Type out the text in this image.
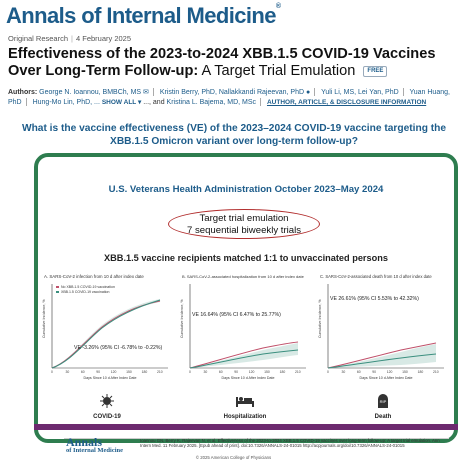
Annals of Internal Medicine®
Original Research | 4 February 2025
Effectiveness of the 2023-to-2024 XBB.1.5 COVID-19 Vaccines Over Long-Term Follow-up: A Target Trial Emulation FREE
Authors: George N. Ioannou, BMBCh, MS ✉ Kristin Berry, PhD, Nallakkandi Rajeevan, PhD ● Yuli Li, MS, Lei Yan, PhD Yuan Huang, PhD Hung-Mo Lin, PhD, ... SHOW ALL ▾ ..., and Kristina L. Bajema, MD, MSc AUTHOR, ARTICLE, & DISCLOSURE INFORMATION
What is the vaccine effectiveness (VE) of the 2023–2024 COVID-19 vaccine targeting the XBB.1.5 Omicron variant over long-term follow-up?
U.S. Veterans Health Administration October 2023–May 2024
Target trial emulation
7 sequential biweekly trials
XBB.1.5 vaccine recipients matched 1:1 to unvaccinated persons
A. SARS-CoV-2 infection from 10 d after index date
Cumulative Incidence, %
No XBB.1.5 COVID-19 vaccination
XBB.1.5 COVID-19 vaccination
VE -3.26% (95% CI -6.78% to -0.22%)
0	30	60	90	120	150	180	210
Days Since 10 d After Index Date
COVID-19
B. SARS-CoV-2-associated hospitalization from 10 d after index date
Cumulative Incidence, % VE 16.64% (95% CI 6.47% to 25.77%)
0	30	60	90	120	150	180	210
Days Since 10 d After Index Date
Hospitalization
C. SARS-CoV-2-associated death from 10 d after index date
Cumulative Incidence, %
VE 26.61% (95% CI 5.53% to 42.32%)
0	30	60	90	120	150	180	210
Days Since 10 d After Index Date
RIP
Death
Annals
of Internal Medicine
Ioannou GN, Berry K, Rajeevan N, et al. Effectiveness of the 2023-to-2024 XBB.1.5 COVID-19 vaccines over long-term follow-up: A target trial emulation. Ann Intern Med. 11 February 2025. [Epub ahead of print]. doi:10.7326/ANNALS-24-01015 http://acpjournals.org/doi/10.7326/ANNALS-24-01015
© 2025 American College of Physicians
